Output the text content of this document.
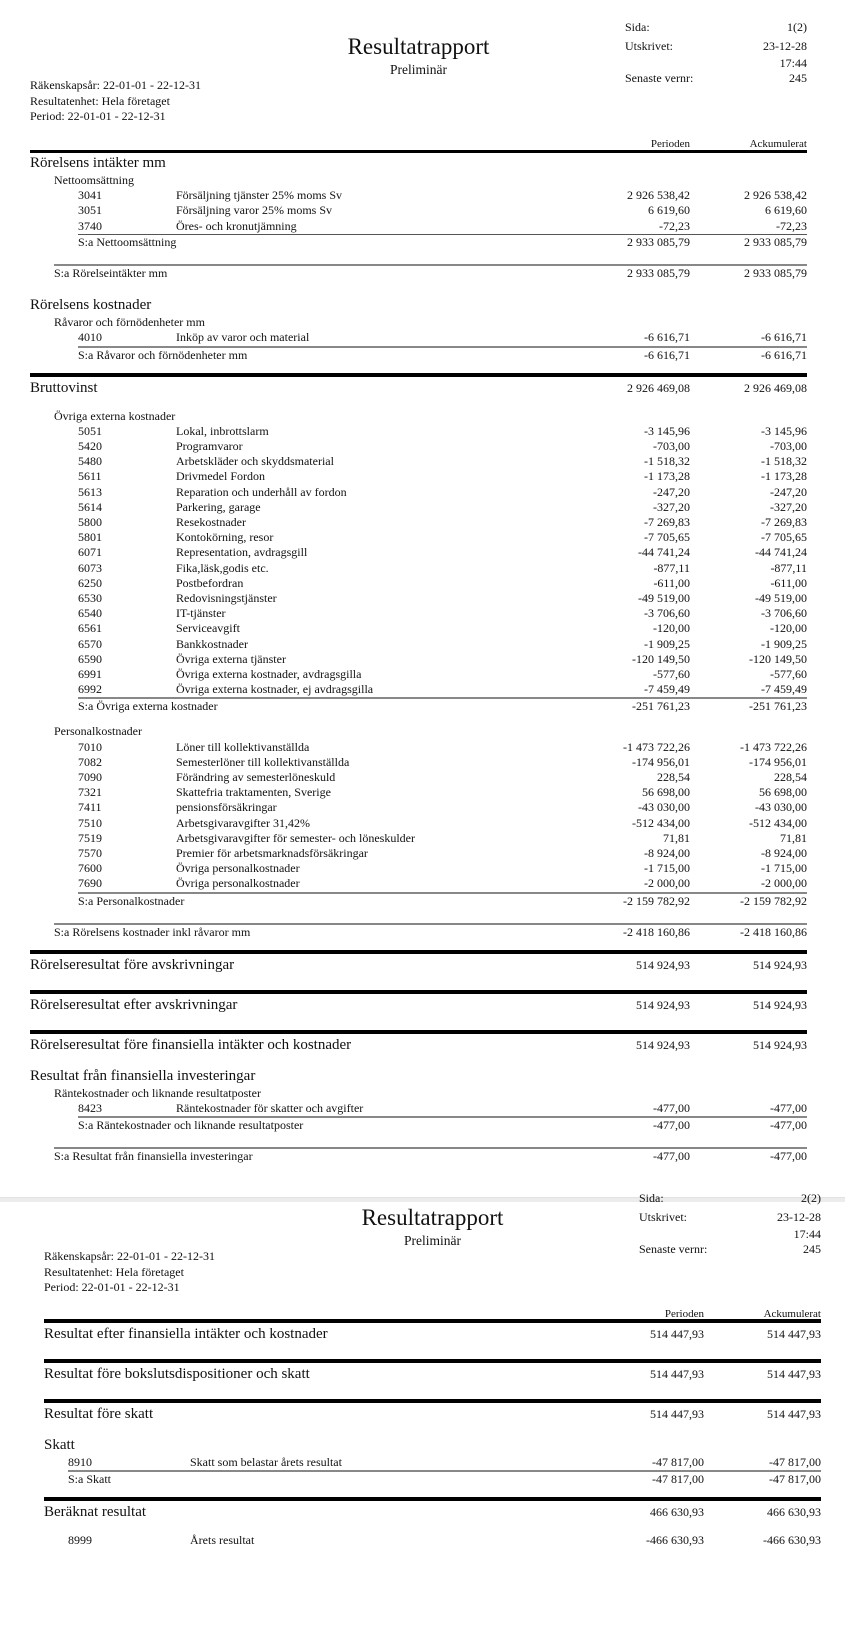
Resultatrapport
Preliminär
Räkenskapsår: 22-01-01 - 22-12-31
Resultatenhet: Hela företaget
Period: 22-01-01 - 22-12-31
Sida:	1(2)
Utskrivet:	23-12-28
17:44
Senaste vernr:	245
Perioden	Ackumulerat
Rörelsens intäkter mm
Nettoomsättning
3041	Försäljning tjänster 25% moms Sv	2 926 538,42	2 926 538,42
3051	Försäljning varor 25% moms Sv	6 619,60	6 619,60
3740	Öres- och kronutjämning	-72,23	-72,23
S:a Nettoomsättning	2 933 085,79	2 933 085,79
S:a Rörelseintäkter mm	2 933 085,79	2 933 085,79
Rörelsens kostnader
Råvaror och förnödenheter mm
4010	Inköp av varor och material	-6 616,71	-6 616,71
S:a Råvaror och förnödenheter mm	-6 616,71	-6 616,71
Bruttovinst	2 926 469,08	2 926 469,08
Övriga externa kostnader
5051	Lokal, inbrottslarm	-3 145,96	-3 145,96
5420	Programvaror	-703,00	-703,00
5480	Arbetskläder och skyddsmaterial	-1 518,32	-1 518,32
5611	Drivmedel Fordon	-1 173,28	-1 173,28
5613	Reparation och underhåll av fordon	-247,20	-247,20
5614	Parkering, garage	-327,20	-327,20
5800	Resekostnader	-7 269,83	-7 269,83
5801	Kontokörning, resor	-7 705,65	-7 705,65
6071	Representation, avdragsgill	-44 741,24	-44 741,24
6073	Fika,läsk,godis etc.	-877,11	-877,11
6250	Postbefordran	-611,00	-611,00
6530	Redovisningstjänster	-49 519,00	-49 519,00
6540	IT-tjänster	-3 706,60	-3 706,60
6561	Serviceavgift	-120,00	-120,00
6570	Bankkostnader	-1 909,25	-1 909,25
6590	Övriga externa tjänster	-120 149,50	-120 149,50
6991	Övriga externa kostnader, avdragsgilla	-577,60	-577,60
6992	Övriga externa kostnader, ej avdragsgilla	-7 459,49	-7 459,49
S:a Övriga externa kostnader	-251 761,23	-251 761,23
Personalkostnader
7010	Löner till kollektivanställda	-1 473 722,26	-1 473 722,26
7082	Semesterlöner till kollektivanställda	-174 956,01	-174 956,01
7090	Förändring av semesterlöneskuld	228,54	228,54
7321	Skattefria traktamenten, Sverige	56 698,00	56 698,00
7411	pensionsförsäkringar	-43 030,00	-43 030,00
7510	Arbetsgivaravgifter 31,42%	-512 434,00	-512 434,00
7519	Arbetsgivaravgifter för semester- och löneskulder	71,81	71,81
7570	Premier för arbetsmarknadsförsäkringar	-8 924,00	-8 924,00
7600	Övriga personalkostnader	-1 715,00	-1 715,00
7690	Övriga personalkostnader	-2 000,00	-2 000,00
S:a Personalkostnader	-2 159 782,92	-2 159 782,92
S:a Rörelsens kostnader inkl råvaror mm	-2 418 160,86	-2 418 160,86
Rörelseresultat före avskrivningar	514 924,93	514 924,93
Rörelseresultat efter avskrivningar	514 924,93	514 924,93
Rörelseresultat före finansiella intäkter och kostnader	514 924,93	514 924,93
Resultat från finansiella investeringar
Räntekostnader och liknande resultatposter
8423	Räntekostnader för skatter och avgifter	-477,00	-477,00
S:a Räntekostnader och liknande resultatposter	-477,00	-477,00
S:a Resultat från finansiella investeringar	-477,00	-477,00
Resultatrapport
Preliminär
Räkenskapsår: 22-01-01 - 22-12-31
Resultatenhet: Hela företaget
Period: 22-01-01 - 22-12-31
Sida:	2(2)
Utskrivet:	23-12-28
17:44
Senaste vernr:	245
Perioden	Ackumulerat
Resultat efter finansiella intäkter och kostnader	514 447,93	514 447,93
Resultat före bokslutsdispositioner och skatt	514 447,93	514 447,93
Resultat före skatt	514 447,93	514 447,93
Skatt
8910	Skatt som belastar årets resultat	-47 817,00	-47 817,00
S:a Skatt	-47 817,00	-47 817,00
Beräknat resultat	466 630,93	466 630,93
8999	Årets resultat	-466 630,93	-466 630,93
